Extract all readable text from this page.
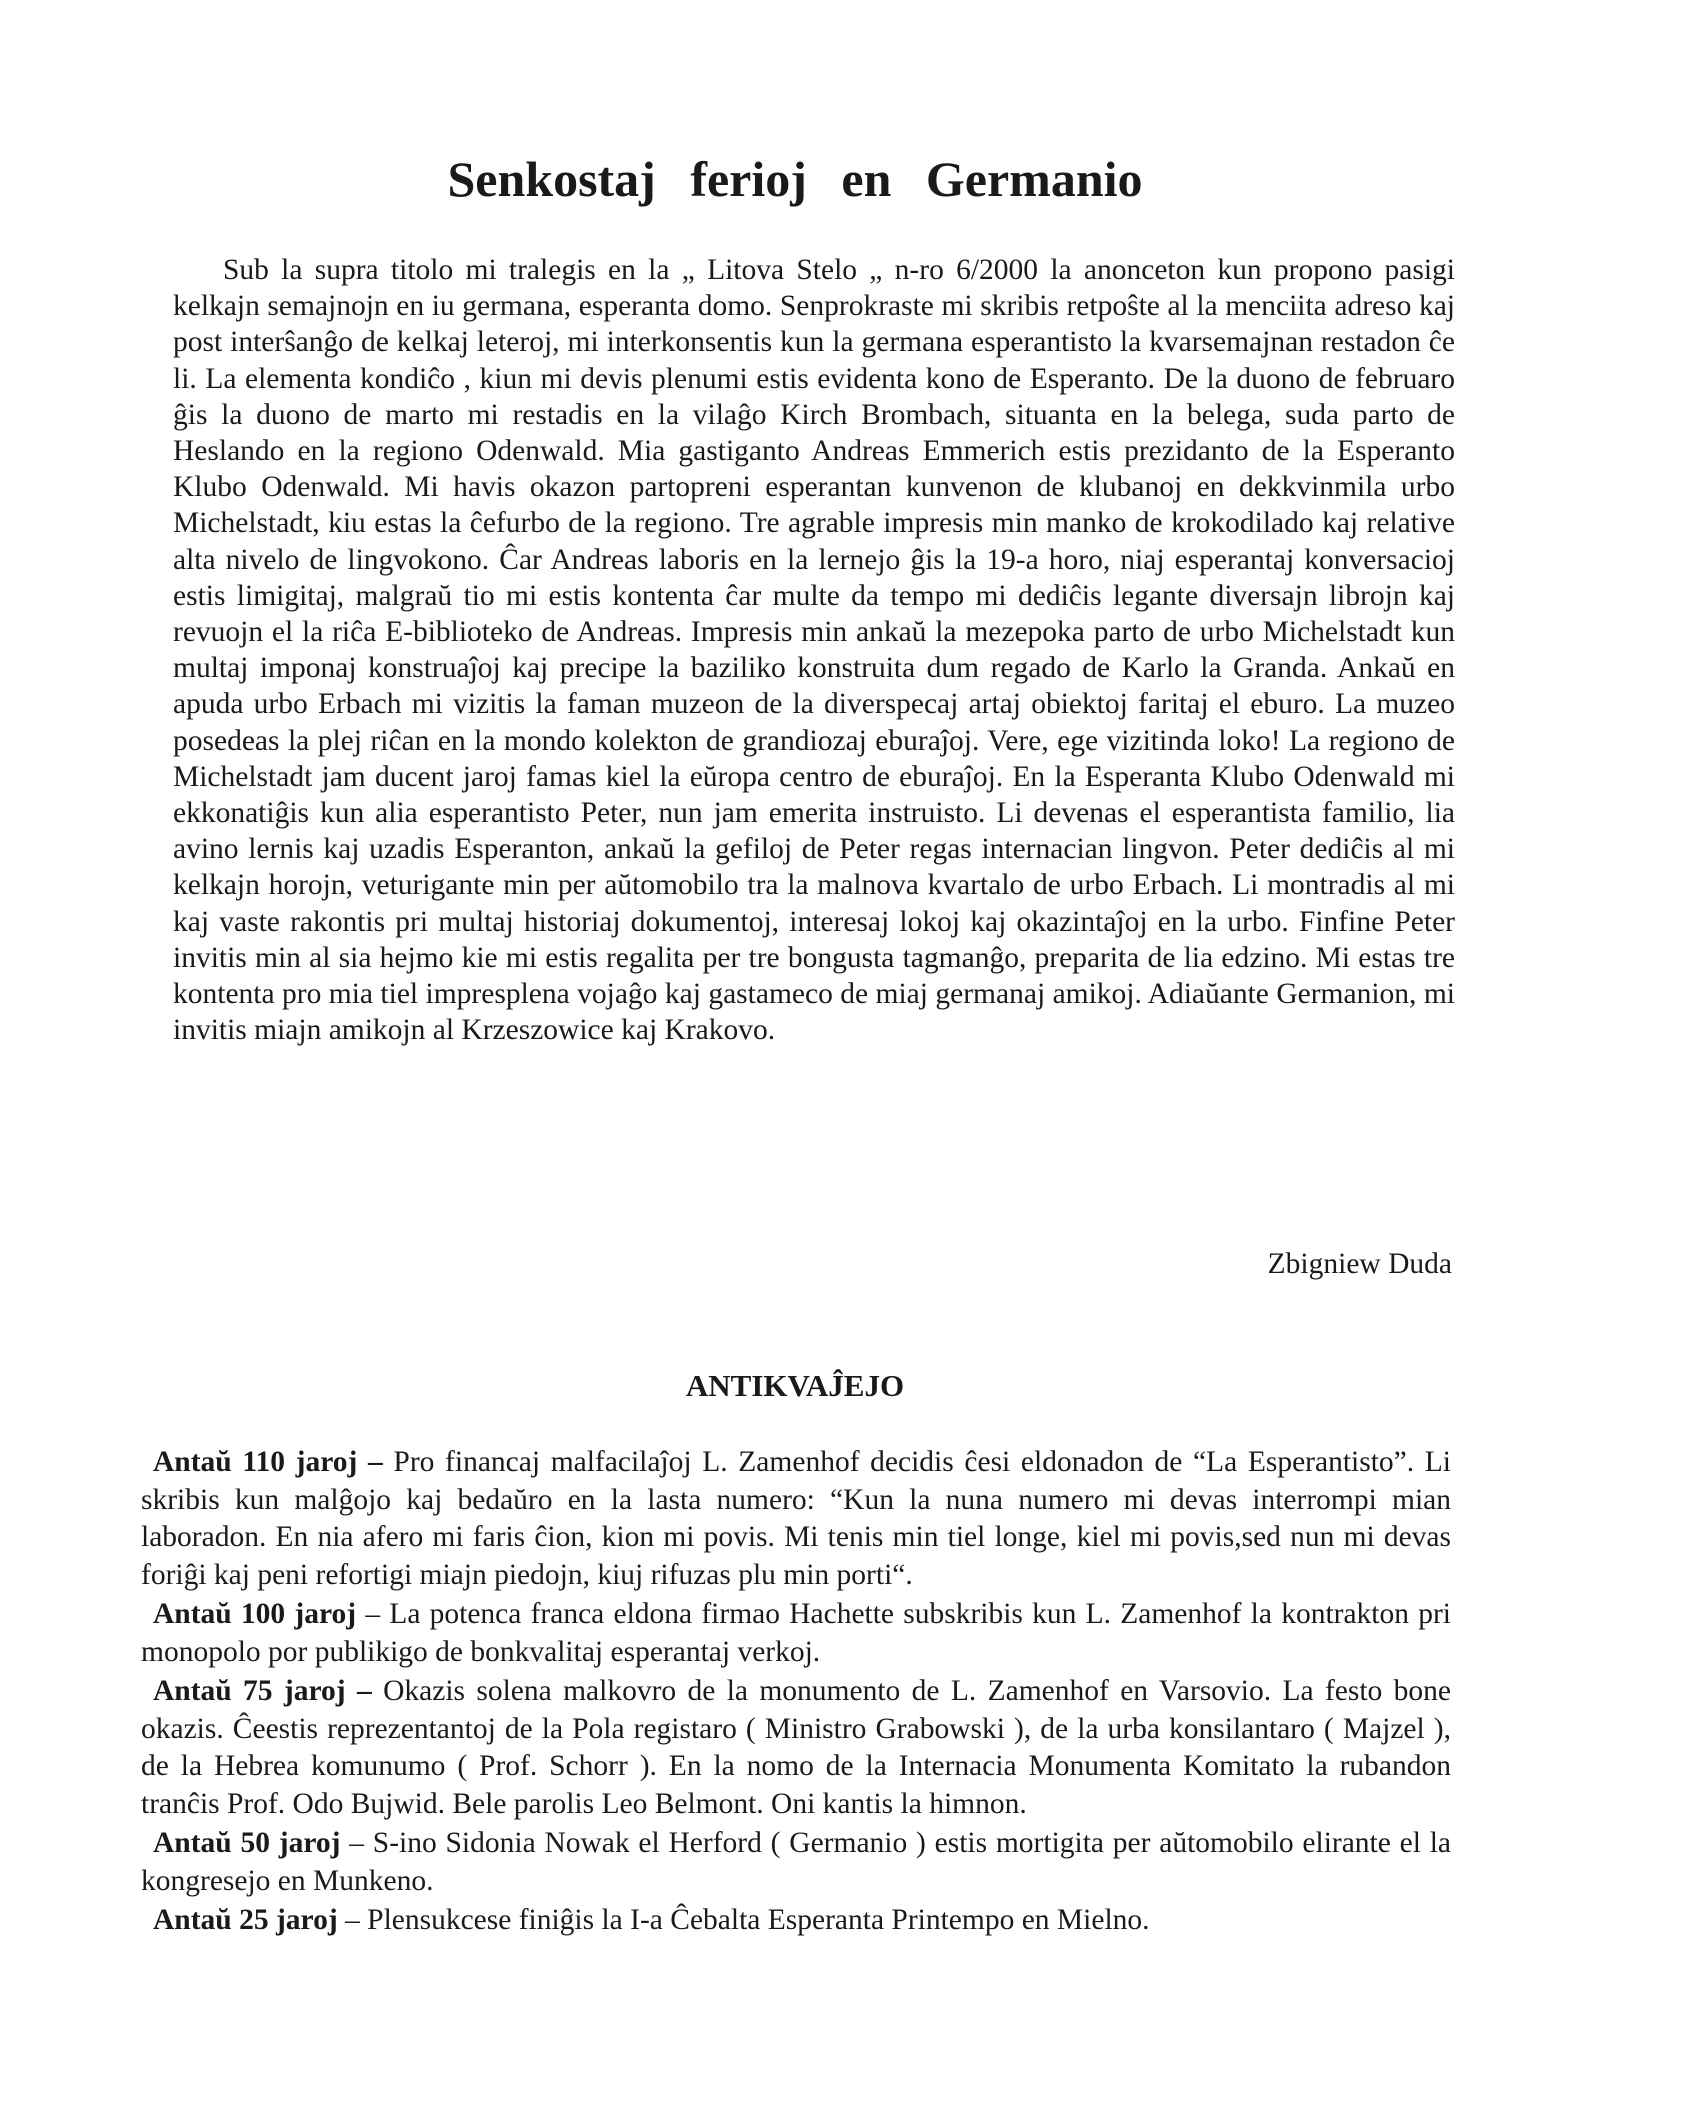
Senkostaj ferioj en Germanio

Sub la supra titolo mi tralegis en la „ Litova Stelo „ n-ro 6/2000 la anonceton kun propono pasigi kelkajn semajnojn en iu germana, esperanta domo. Senprokraste mi skribis retpoŝte al la menciita adreso kaj post interŝanĝo de kelkaj leteroj, mi interkonsentis kun la germana esperantisto la kvarsemajnan restadon ĉe li. La elementa kondiĉo , kiun mi devis plenumi estis evidenta kono de Esperanto. De la duono de februaro ĝis la duono de marto mi restadis en la vilaĝo Kirch Brombach, situanta en la belega, suda parto de Heslando en la regiono Odenwald. Mia gastiganto Andreas Emmerich estis prezidanto de la Esperanto Klubo Odenwald. Mi havis okazon partopreni esperantan kunvenon de klubanoj en dekkvinmila urbo Michelstadt, kiu estas la ĉefurbo de la regiono. Tre agrable impresis min manko de krokodilado kaj relative alta nivelo de lingvokono. Ĉar Andreas laboris en la lernejo ĝis la 19-a horo, niaj esperantaj konversacioj estis limigitaj, malgraŭ tio mi estis kontenta ĉar multe da tempo mi dediĉis legante diversajn librojn kaj revuojn el la riĉa E-biblioteko de Andreas. Impresis min ankaŭ la mezepoka parto de urbo Michelstadt kun multaj imponaj konstruaĵoj kaj precipe la baziliko konstruita dum regado de Karlo la Granda. Ankaŭ en apuda urbo Erbach mi vizitis la faman muzeon de la diverspecaj artaj obiektoj faritaj el eburo. La muzeo posedeas la plej riĉan en la mondo kolekton de grandiozaj eburaĵoj. Vere, ege vizitinda loko! La regiono de Michelstadt jam ducent jaroj famas kiel la eŭropa centro de eburaĵoj. En la Esperanta Klubo Odenwald mi ekkonatiĝis kun alia esperantisto Peter, nun jam emerita instruisto. Li devenas el esperantista familio, lia avino lernis kaj uzadis Esperanton, ankaŭ la gefiloj de Peter regas internacian lingvon. Peter dediĉis al mi kelkajn horojn, veturigante min per aŭtomobilo tra la malnova kvartalo de urbo Erbach. Li montradis al mi kaj vaste rakontis pri multaj historiaj dokumentoj, interesaj lokoj kaj okazintaĵoj en la urbo. Finfine Peter invitis min al sia hejmo kie mi estis regalita per tre bongusta tagmanĝo, preparita de lia edzino. Mi estas tre kontenta pro mia tiel impresplena vojaĝo kaj gastameco de miaj germanaj amikoj. Adiaŭante Germanion, mi invitis miajn amikojn al Krzeszowice kaj Krakovo.

Zbigniew Duda

ANTIKVAĴEJO
Antaŭ 110 jaroj – Pro financaj malfacilaĵoj L. Zamenhof decidis ĉesi eldonadon de “La Esperantisto”. Li skribis kun malĝojo kaj bedaŭro en la lasta numero: “Kun la nuna numero mi devas interrompi mian laboradon. En nia afero mi faris ĉion, kion mi povis. Mi tenis min tiel longe, kiel mi povis,sed nun mi devas foriĝi kaj peni refortigi miajn piedojn, kiuj rifuzas plu min porti“.
Antaŭ 100 jaroj – La potenca franca eldona firmao Hachette subskribis kun L. Zamenhof la kontrakton pri monopolo por publikigo de bonkvalitaj esperantaj verkoj.
Antaŭ 75 jaroj – Okazis solena malkovro de la monumento de L. Zamenhof en Varsovio. La festo bone okazis. Ĉeestis reprezentantoj de la Pola registaro ( Ministro Grabowski ), de la urba konsilantaro ( Majzel ), de la Hebrea komunumo ( Prof. Schorr ). En la nomo de la Internacia Monumenta Komitato la rubandon tranĉis Prof. Odo Bujwid. Bele parolis Leo Belmont. Oni kantis la himnon.
Antaŭ 50 jaroj – S-ino Sidonia Nowak el Herford ( Germanio ) estis mortigita per aŭtomobilo elirante el la kongresejo en Munkeno.
Antaŭ 25 jaroj – Plensukcese finiĝis la I-a Ĉebalta Esperanta Printempo en Mielno.
